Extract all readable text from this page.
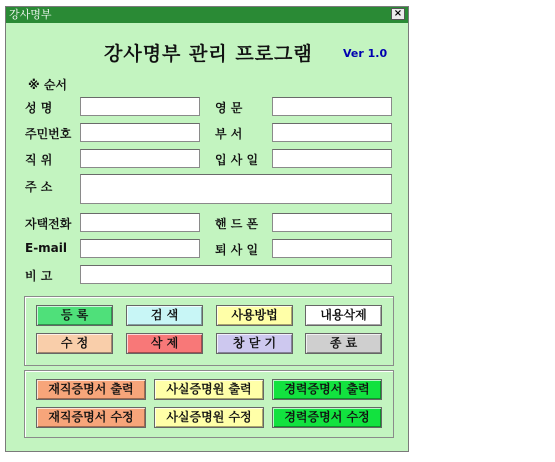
강사명부	×
강사명부 관리 프로그램	Ver 1.0
※ 순서
성 명	영 문
주민번호	부 서
직 위	입 사 일
주 소
자택전화	핸 드 폰
E-mail	퇴 사 일
비 고
등 록	검 색	사용방법	내용삭제
수 정	삭 제	창 닫 기	종 료
재직증명서 출력	사실증명원 출력	경력증명서 출력
재직증명서 수정	사실증명원 수정	경력증명서 수정
